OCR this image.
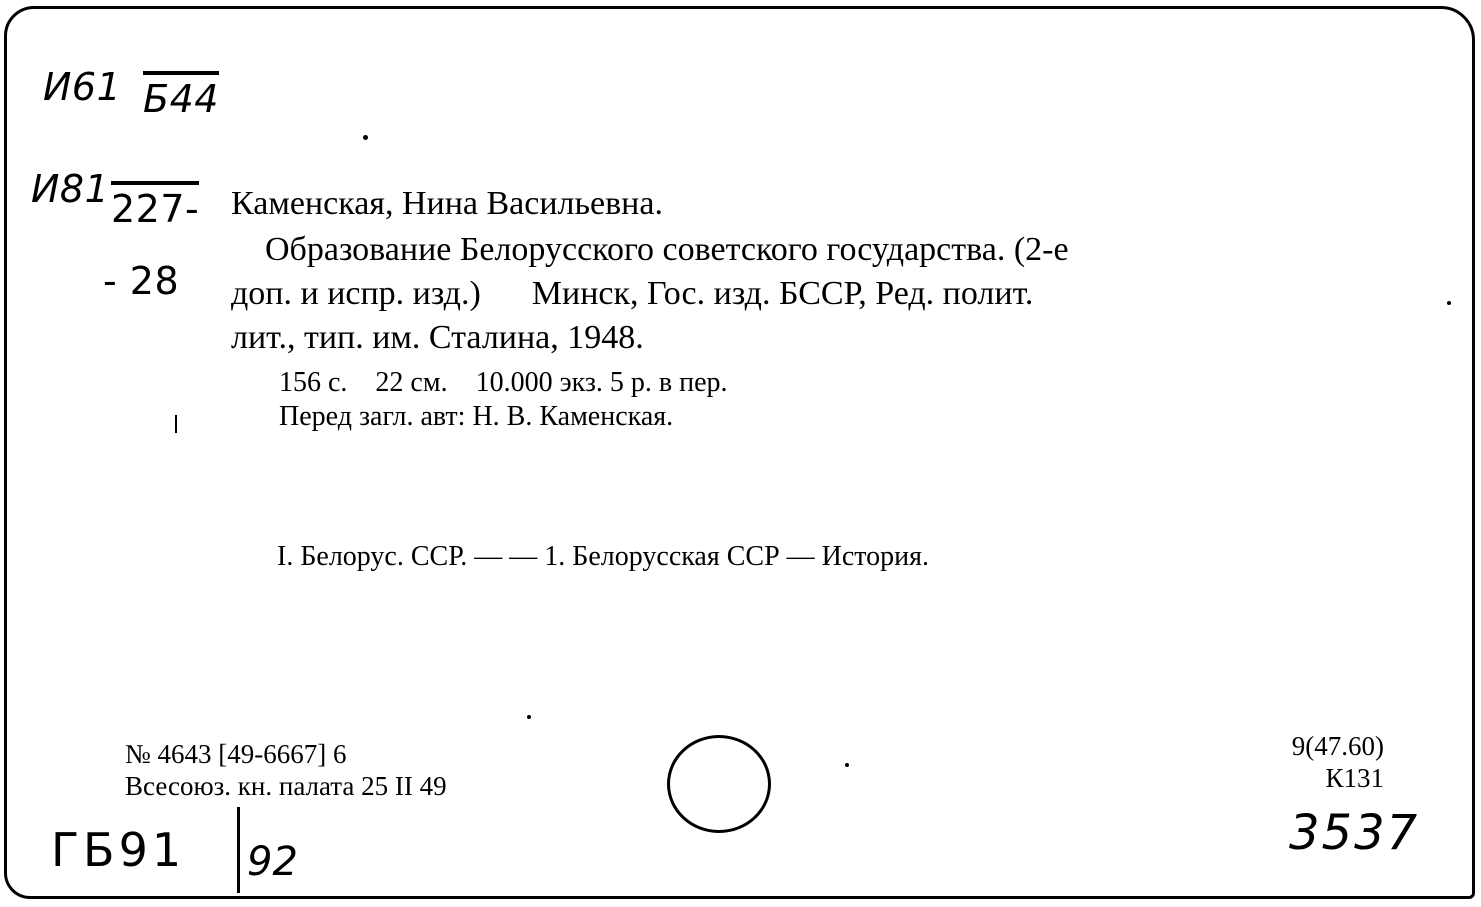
И61 Б44
И81 227-
- 28
Каменская, Нина Васильевна.
Образование Белорусского советского государства. (2-е
доп. и испр. изд.)      Минск, Гос. изд. БССР, Ред. полит.
лит., тип. им. Сталина, 1948.
156 с.    22 см.    10.000 экз. 5 р. в пер.
Перед загл. авт: Н. В. Каменская.
I. Белорус. ССР. — — 1. Белорусская ССР — История.
№ 4643 [49-6667] 6
Всесоюз. кн. палата 25 II 49
9(47.60)
К131
ГБ91 92
3537
